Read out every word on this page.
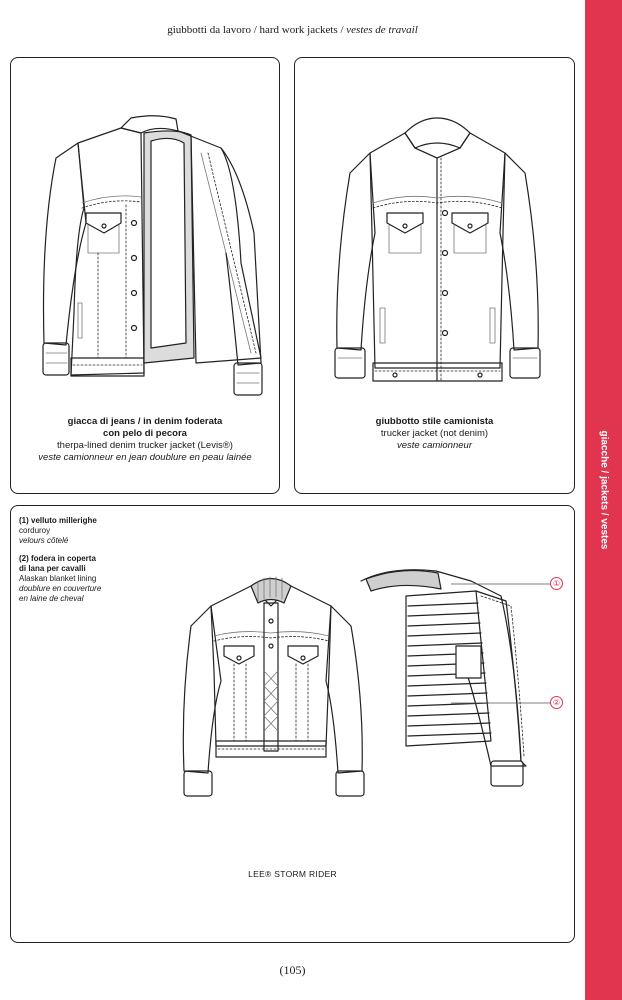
giacche / jackets / vestes
giubbotti da lavoro / hard work jackets / vestes de travail
giacca di jeans / in denim foderata
con pelo di pecora
therpa-lined denim trucker jacket (Levis®)
veste camionneur en jean doublure en peau lainée
giubbotto stile camionista
trucker jacket (not denim)
veste camionneur
(1) velluto millerighe
corduroy
velours côtelé
(2) fodera in coperta
di lana per cavalli
Alaskan blanket lining
doublure en couverture
en laine de cheval
①
②
LEE® STORM RIDER
(105)
